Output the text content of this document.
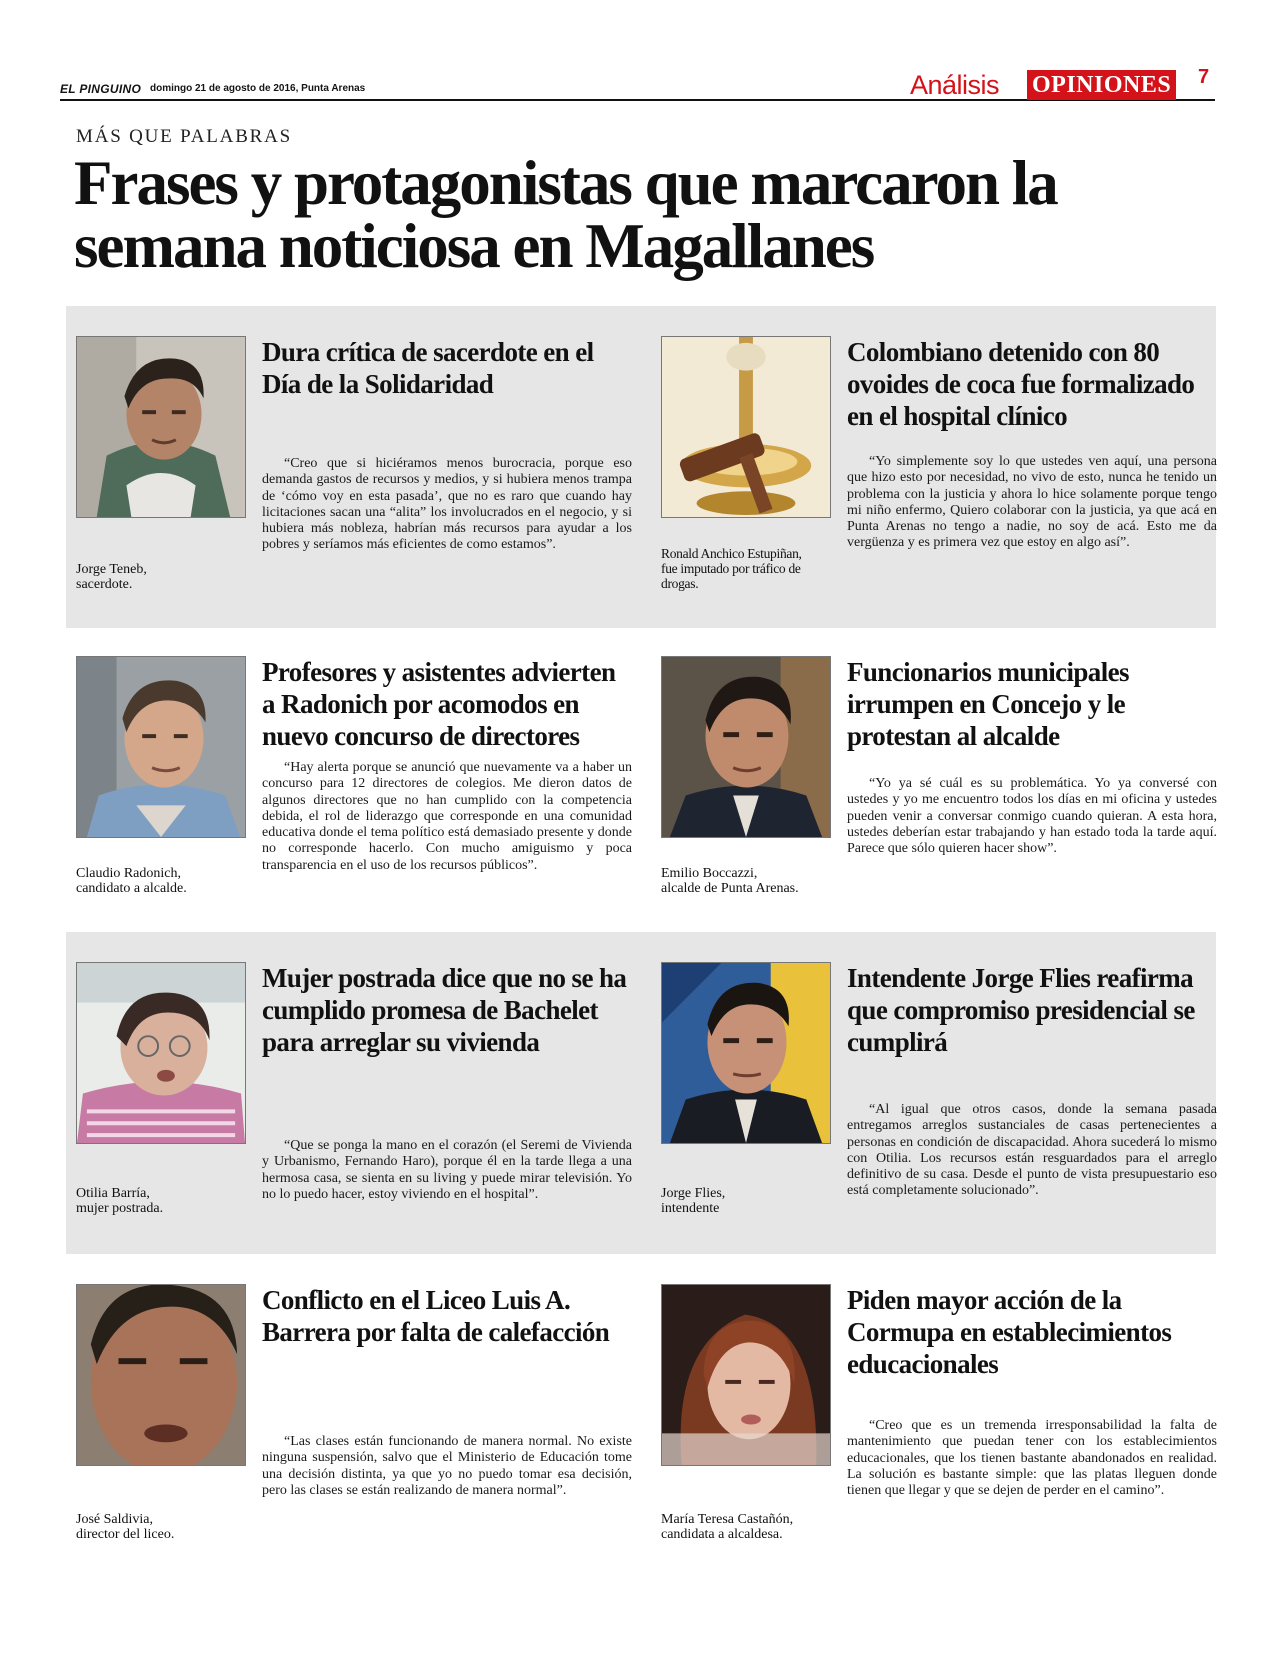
EL PINGUINO domingo 21 de agosto de 2016, Punta Arenas	Análisis OPINIONES 7
MÁS QUE PALABRAS
Frases y protagonistas que marcaron la semana noticiosa en Magallanes
Jorge Teneb,
sacerdote.
Dura crítica de sacerdote en el Día de la Solidaridad

“Creo que si hiciéramos menos burocracia, porque eso demanda gastos de recursos y medios, y si hubiera menos trampa de ‘cómo voy en esta pasada’, que no es raro que cuando hay licitaciones sacan una “alita” los involucrados en el negocio, y si hubiera más nobleza, habrían más recursos para ayudar a los pobres y seríamos más eficientes de como estamos”.

Ronald Anchico Estupiñan,
fue imputado por tráfico de
drogas.
Colombiano detenido con 80 ovoides de coca fue formalizado en el hospital clínico

“Yo simplemente soy lo que ustedes ven aquí, una persona que hizo esto por necesidad, no vivo de esto, nunca he tenido un problema con la justicia y ahora lo hice solamente porque tengo mi niño enfermo, Quiero colaborar con la justicia, ya que acá en Punta Arenas no tengo a nadie, no soy de acá. Esto me da vergüenza y es primera vez que estoy en algo así”.

Claudio Radonich,
candidato a alcalde.
Profesores y asistentes advierten a Radonich por acomodos en nuevo concurso de directores

“Hay alerta porque se anunció que nuevamente va a haber un concurso para 12 directores de colegios. Me dieron datos de algunos directores que no han cumplido con la competencia debida, el rol de liderazgo que corresponde en una comunidad educativa donde el tema político está demasiado presente y donde no corresponde hacerlo. Con mucho amiguismo y poca transparencia en el uso de los recursos públicos”.

Emilio Boccazzi,
alcalde de Punta Arenas.
Funcionarios municipales irrumpen en Concejo y le protestan al alcalde

“Yo ya sé cuál es su problemática. Yo ya conversé con ustedes y yo me encuentro todos los días en mi oficina y ustedes pueden venir a conversar conmigo cuando quieran. A esta hora, ustedes deberían estar trabajando y han estado toda la tarde aquí. Parece que sólo quieren hacer show”.

Otilia Barría,
mujer postrada.
Mujer postrada dice que no se ha cumplido promesa de Bachelet para arreglar su vivienda

“Que se ponga la mano en el corazón (el Seremi de Vivienda y Urbanismo, Fernando Haro), porque él en la tarde llega a una hermosa casa, se sienta en su living y puede mirar televisión. Yo no lo puedo hacer, estoy viviendo en el hospital”.	Jorge Flies,
intendente
Intendente Jorge Flies reafirma que compromiso presidencial se cumplirá

“Al igual que otros casos, donde la semana pasada entregamos arreglos sustanciales de casas pertenecientes a personas en condición de discapacidad. Ahora sucederá lo mismo con Otilia. Los recursos están resguardados para el arreglo definitivo de su casa. Desde el punto de vista presupuestario eso está completamente solucionado”.

José Saldivia,
director del liceo.
Conflicto en el Liceo Luis A. Barrera por falta de calefacción

“Las clases están funcionando de manera normal. No existe ninguna suspensión, salvo que el Ministerio de Educación tome una decisión distinta, ya que yo no puedo tomar esa decisión, pero las clases se están realizando de manera normal”.

María Teresa Castañón,
candidata a alcaldesa.
Piden mayor acción de la Cormupa en establecimientos educacionales

“Creo que es un tremenda irresponsabilidad la falta de mantenimiento que puedan tener con los establecimientos educacionales, que los tienen bastante abandonados en realidad. La solución es bastante simple: que las platas lleguen donde tienen que llegar y que se dejen de perder en el camino”.
